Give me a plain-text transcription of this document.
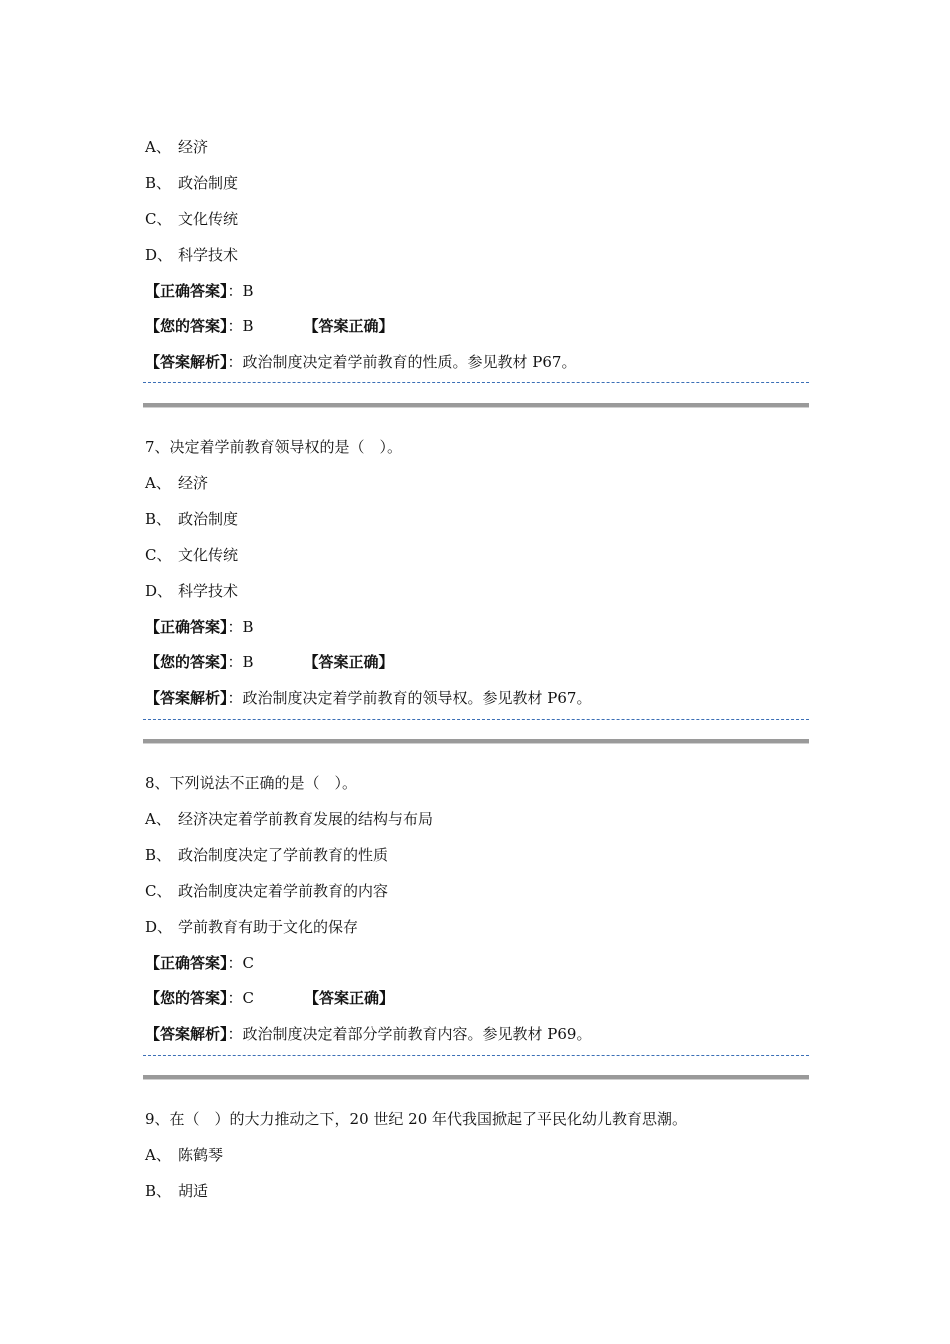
A、 经济
B、 政治制度
C、 文化传统
D、 科学技术
【正确答案】：B
【您的答案】：B	【答案正确】
【答案解析】：政治制度决定着学前教育的性质。参见教材 P67。
7、决定着学前教育领导权的是（　）。
A、 经济
B、 政治制度
C、 文化传统
D、 科学技术
【正确答案】：B
【您的答案】：B	【答案正确】
【答案解析】：政治制度决定着学前教育的领导权。参见教材 P67。
8、下列说法不正确的是（　）。
A、 经济决定着学前教育发展的结构与布局
B、 政治制度决定了学前教育的性质
C、 政治制度决定着学前教育的内容
D、 学前教育有助于文化的保存
【正确答案】：C
【您的答案】：C	【答案正确】
【答案解析】：政治制度决定着部分学前教育内容。参见教材 P69。
9、在（　）的大力推动之下，20 世纪 20 年代我国掀起了平民化幼儿教育思潮。
A、 陈鹤琴
B、 胡适
